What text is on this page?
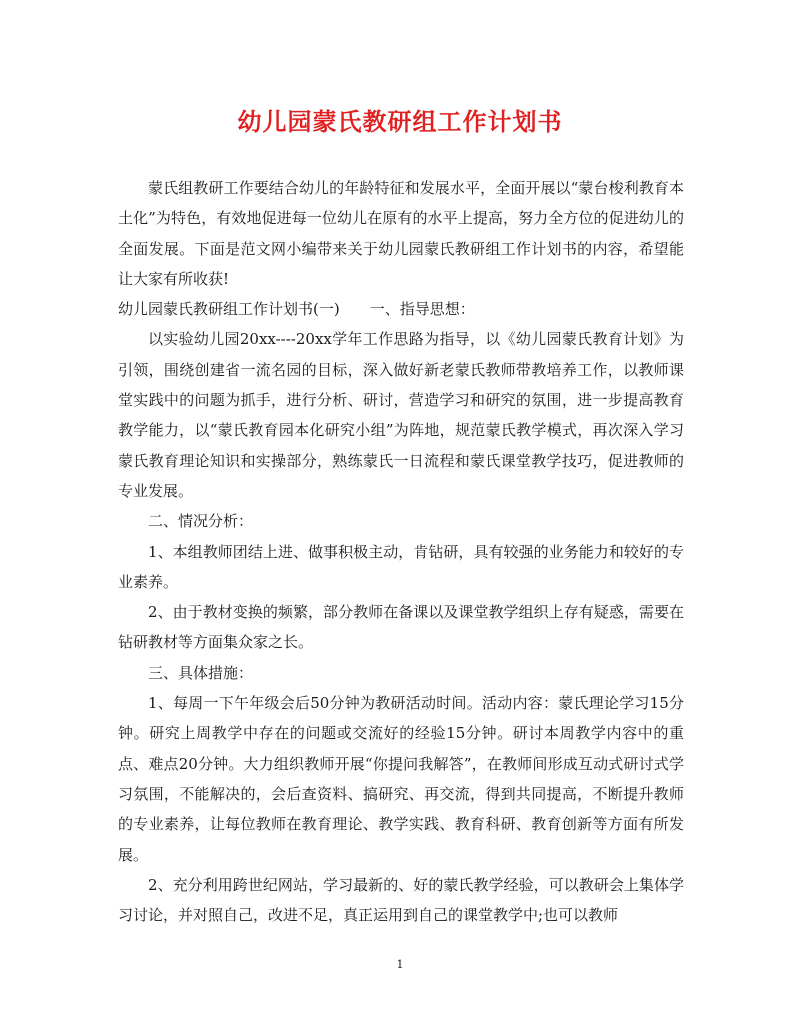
幼儿园蒙氏教研组工作计划书

蒙氏组教研工作要结合幼儿的年龄特征和发展水平，全面开展以“蒙台梭利教育本土化”为特色，有效地促进每一位幼儿在原有的水平上提高，努力全方位的促进幼儿的全面发展。下面是范文网小编带来关于幼儿园蒙氏教研组工作计划书的内容，希望能让大家有所收获!

幼儿园蒙氏教研组工作计划书(一)　　一、指导思想：

以实验幼儿园20xx----20xx学年工作思路为指导，以《幼儿园蒙氏教育计划》为引领，围绕创建省一流名园的目标，深入做好新老蒙氏教师带教培养工作，以教师课堂实践中的问题为抓手，进行分析、研讨，营造学习和研究的氛围，进一步提高教育教学能力，以“蒙氏教育园本化研究小组”为阵地，规范蒙氏教学模式，再次深入学习蒙氏教育理论知识和实操部分，熟练蒙氏一日流程和蒙氏课堂教学技巧，促进教师的专业发展。

二、情况分析：

1、本组教师团结上进、做事积极主动，肯钻研，具有较强的业务能力和较好的专业素养。

2、由于教材变换的频繁，部分教师在备课以及课堂教学组织上存有疑惑，需要在钻研教材等方面集众家之长。

三、具体措施：

1、每周一下午年级会后50分钟为教研活动时间。活动内容：蒙氏理论学习15分钟。研究上周教学中存在的问题或交流好的经验15分钟。研讨本周教学内容中的重点、难点20分钟。大力组织教师开展“你提问我解答”，在教师间形成互动式研讨式学习氛围，不能解决的，会后查资料、搞研究、再交流，得到共同提高，不断提升教师的专业素养，让每位教师在教育理论、教学实践、教育科研、教育创新等方面有所发展。

2、充分利用跨世纪网站，学习最新的、好的蒙氏教学经验，可以教研会上集体学习讨论，并对照自己，改进不足，真正运用到自己的课堂教学中;也可以教师

1
